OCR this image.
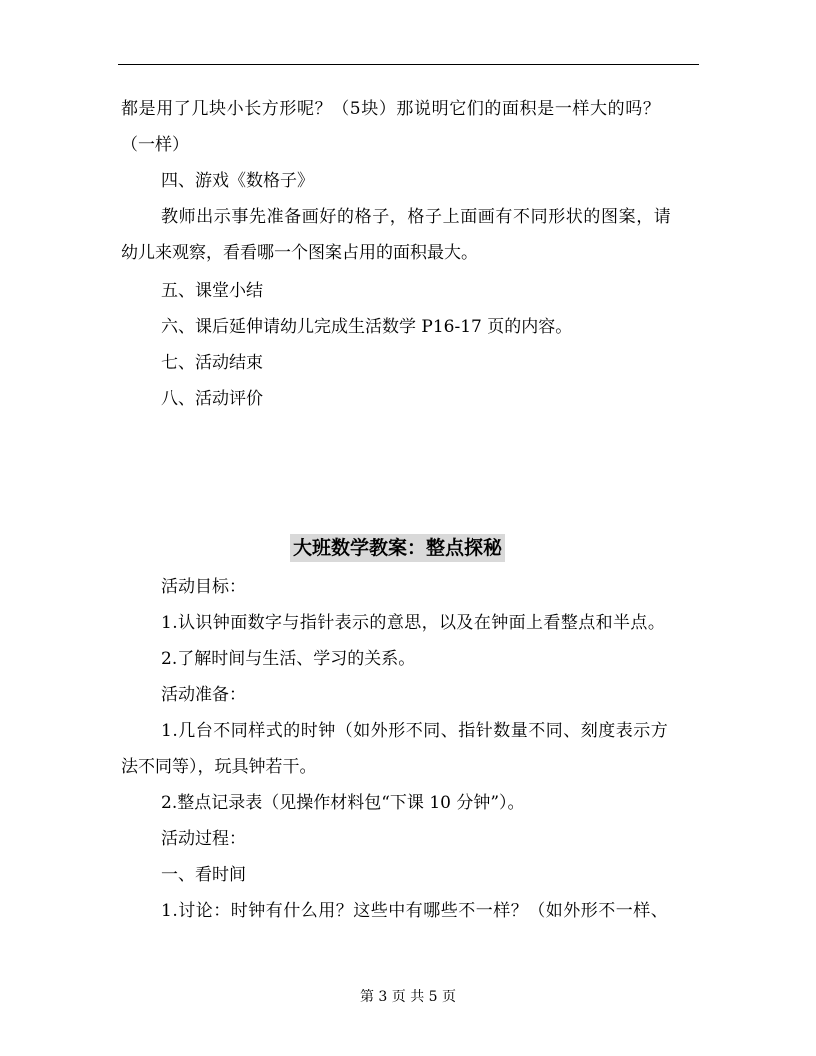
都是用了几块小长方形呢？（5块）那说明它们的面积是一样大的吗？
（一样）
四、游戏《数格子》
教师出示事先准备画好的格子，格子上面画有不同形状的图案，请
幼儿来观察，看看哪一个图案占用的面积最大。
五、课堂小结
六、课后延伸请幼儿完成生活数学 P16-17 页的内容。
七、活动结束
八、活动评价
大班数学教案：整点探秘
活动目标：
1.认识钟面数字与指针表示的意思，以及在钟面上看整点和半点。
2.了解时间与生活、学习的关系。
活动准备：
1.几台不同样式的时钟（如外形不同、指针数量不同、刻度表示方
法不同等），玩具钟若干。
2.整点记录表（见操作材料包“下课 10 分钟”）。
活动过程：
一、看时间
1.讨论：时钟有什么用？这些中有哪些不一样？（如外形不一样、
第 3 页 共 5 页
